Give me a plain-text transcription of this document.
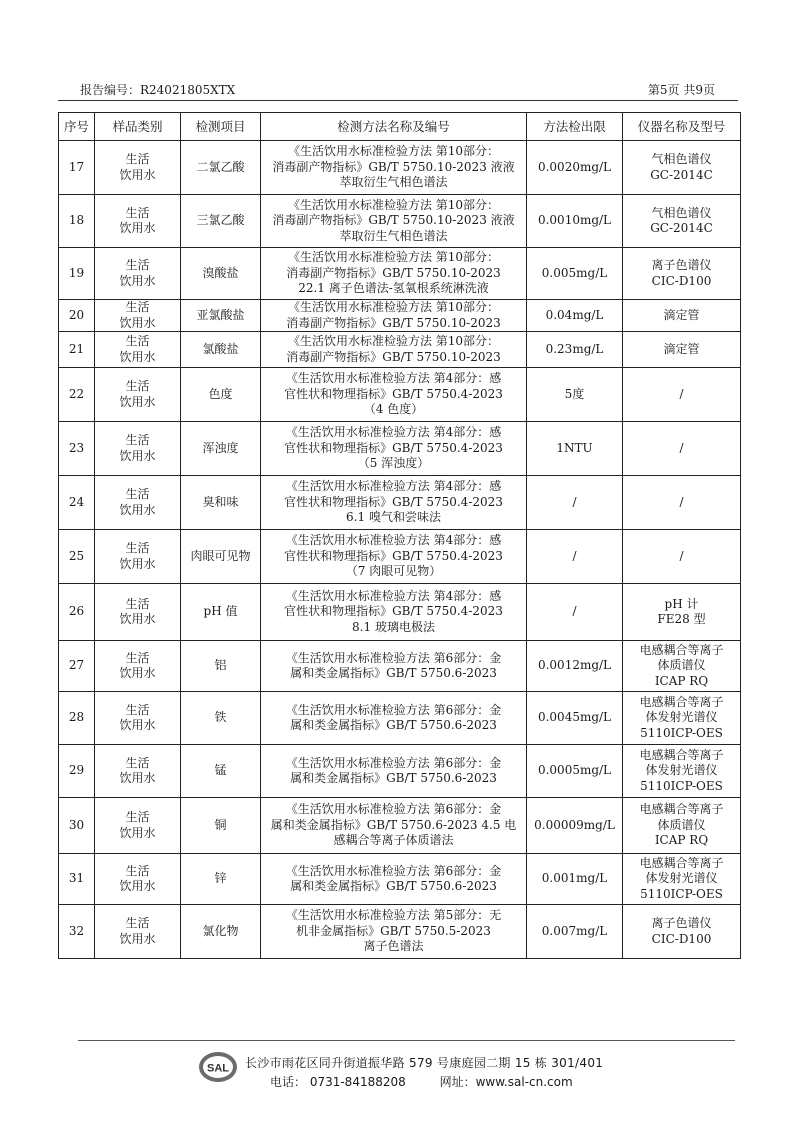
报告编号：R24021805XTX	第5页 共9页
序号	样品类别	检测项目	检测方法名称及编号	方法检出限	仪器名称及型号
17	生活
饮用水	二氯乙酸	《生活饮用水标准检验方法 第10部分：
消毒副产物指标》GB/T 5750.10-2023 液液
萃取衍生气相色谱法	0.0020mg/L	气相色谱仪
GC-2014C
18	生活
饮用水	三氯乙酸	《生活饮用水标准检验方法 第10部分：
消毒副产物指标》GB/T 5750.10-2023 液液
萃取衍生气相色谱法	0.0010mg/L	气相色谱仪
GC-2014C
19	生活
饮用水	溴酸盐	《生活饮用水标准检验方法 第10部分：
消毒副产物指标》GB/T 5750.10-2023
22.1 离子色谱法-氢氧根系统淋洗液	0.005mg/L	离子色谱仪
CIC-D100
20	生活
饮用水	亚氯酸盐	《生活饮用水标准检验方法 第10部分：
消毒副产物指标》GB/T 5750.10-2023	0.04mg/L	滴定管
21	生活
饮用水	氯酸盐	《生活饮用水标准检验方法 第10部分：
消毒副产物指标》GB/T 5750.10-2023	0.23mg/L	滴定管
22	生活
饮用水	色度	《生活饮用水标准检验方法 第4部分：感
官性状和物理指标》GB/T 5750.4-2023
（4 色度）	5度	/
23	生活
饮用水	浑浊度	《生活饮用水标准检验方法 第4部分：感
官性状和物理指标》GB/T 5750.4-2023
（5 浑浊度）	1NTU	/
24	生活
饮用水	臭和味	《生活饮用水标准检验方法 第4部分：感
官性状和物理指标》GB/T 5750.4-2023
6.1 嗅气和尝味法	/	/
25	生活
饮用水	肉眼可见物	《生活饮用水标准检验方法 第4部分：感
官性状和物理指标》GB/T 5750.4-2023
（7 肉眼可见物）	/	/
26	生活
饮用水	pH 值	《生活饮用水标准检验方法 第4部分：感
官性状和物理指标》GB/T 5750.4-2023
8.1 玻璃电极法	/	pH 计
FE28 型
27	生活
饮用水	铝	《生活饮用水标准检验方法 第6部分：金
属和类金属指标》GB/T 5750.6-2023	0.0012mg/L	电感耦合等离子
体质谱仪
ICAP RQ
28	生活
饮用水	铁	《生活饮用水标准检验方法 第6部分：金
属和类金属指标》GB/T 5750.6-2023	0.0045mg/L	电感耦合等离子
体发射光谱仪
5110ICP-OES
29	生活
饮用水	锰	《生活饮用水标准检验方法 第6部分：金
属和类金属指标》GB/T 5750.6-2023	0.0005mg/L	电感耦合等离子
体发射光谱仪
5110ICP-OES
30	生活
饮用水	铜	《生活饮用水标准检验方法 第6部分：金
属和类金属指标》GB/T 5750.6-2023 4.5 电
感耦合等离子体质谱法	0.00009mg/L	电感耦合等离子
体质谱仪
ICAP RQ
31	生活
饮用水	锌	《生活饮用水标准检验方法 第6部分：金
属和类金属指标》GB/T 5750.6-2023	0.001mg/L	电感耦合等离子
体发射光谱仪
5110ICP-OES
32	生活
饮用水	氯化物	《生活饮用水标准检验方法 第5部分：无
机非金属指标》GB/T 5750.5-2023
离子色谱法	0.007mg/L	离子色谱仪
CIC-D100
SAL 长沙市雨花区同升街道振华路 579 号康庭园二期 15 栋 301/401
电话： 0731-84188208	网址：www.sal-cn.com
